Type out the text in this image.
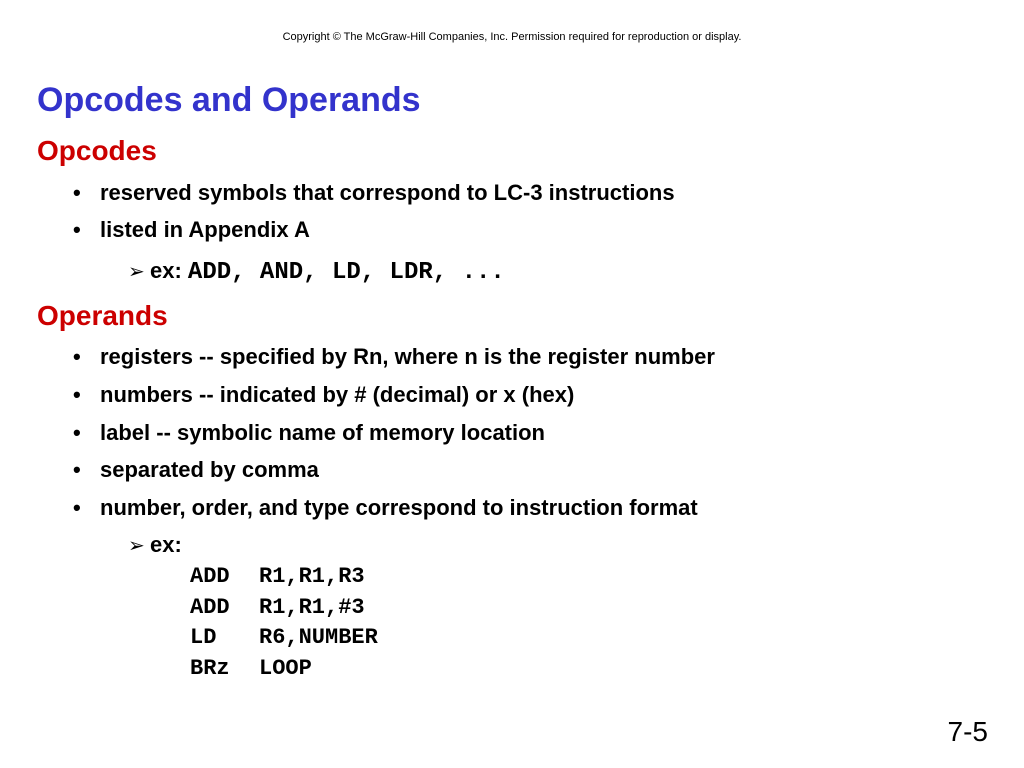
Copyright © The McGraw-Hill Companies, Inc. Permission required for reproduction or display.
Opcodes and Operands
Opcodes
• reserved symbols that correspond to LC-3 instructions
• listed in Appendix A
➢ ex: ADD, AND, LD, LDR, ...
Operands
• registers -- specified by Rn, where n is the register number
• numbers -- indicated by # (decimal) or x (hex)
• label -- symbolic name of memory location
• separated by comma
• number, order, and type correspond to instruction format
➢ ex:
ADD R1,R1,R3
ADD R1,R1,#3
LD R6,NUMBER
BRz LOOP
7-5
